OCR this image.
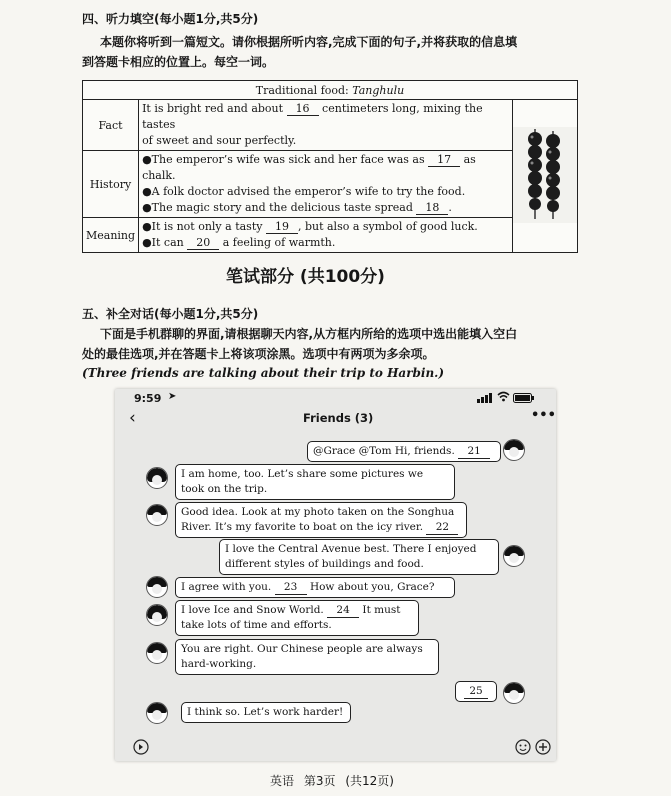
四、听力填空(每小题1分,共5分)
本题你将听到一篇短文。请你根据所听内容,完成下面的句子,并将获取的信息填
到答题卡相应的位置上。每空一词。
Traditional food: Tanghulu		
Fact	It is bright red and about 16 centimeters long, mixing the tastes
of sweet and sour perfectly.

History	●The emperor’s wife was sick and her face was as 17 as chalk.
●A folk doctor advised the emperor’s wife to try the food.
●The magic story and the delicious taste spread 18 .	

Meaning	●It is not only a tasty 19 , but also a symbol of good luck.
●It can 20 a feeling of warmth.	
笔试部分 (共100分)
五、补全对话(每小题1分,共5分)
下面是手机群聊的界面,请根据聊天内容,从方框内所给的选项中选出能填入空白
处的最佳选项,并在答题卡上将该项涂黑。选项中有两项为多余项。
(Three friends are talking about their trip to Harbin.)
9:59 ➤
‹	Friends (3)	•••
@Grace @Tom Hi, friends. 21
I am home, too. Let’s share some pictures we took on the trip.
Good idea. Look at my photo taken on the Songhua River. It’s my favorite to boat on the icy river. 22
I love the Central Avenue best. There I enjoyed different styles of buildings and food.
I agree with you. 23 How about you, Grace?
I love Ice and Snow World. 24 It must take lots of time and efforts.
You are right. Our Chinese people are always hard-working.
25
I think so. Let’s work harder!
英语 第3页 (共12页)
